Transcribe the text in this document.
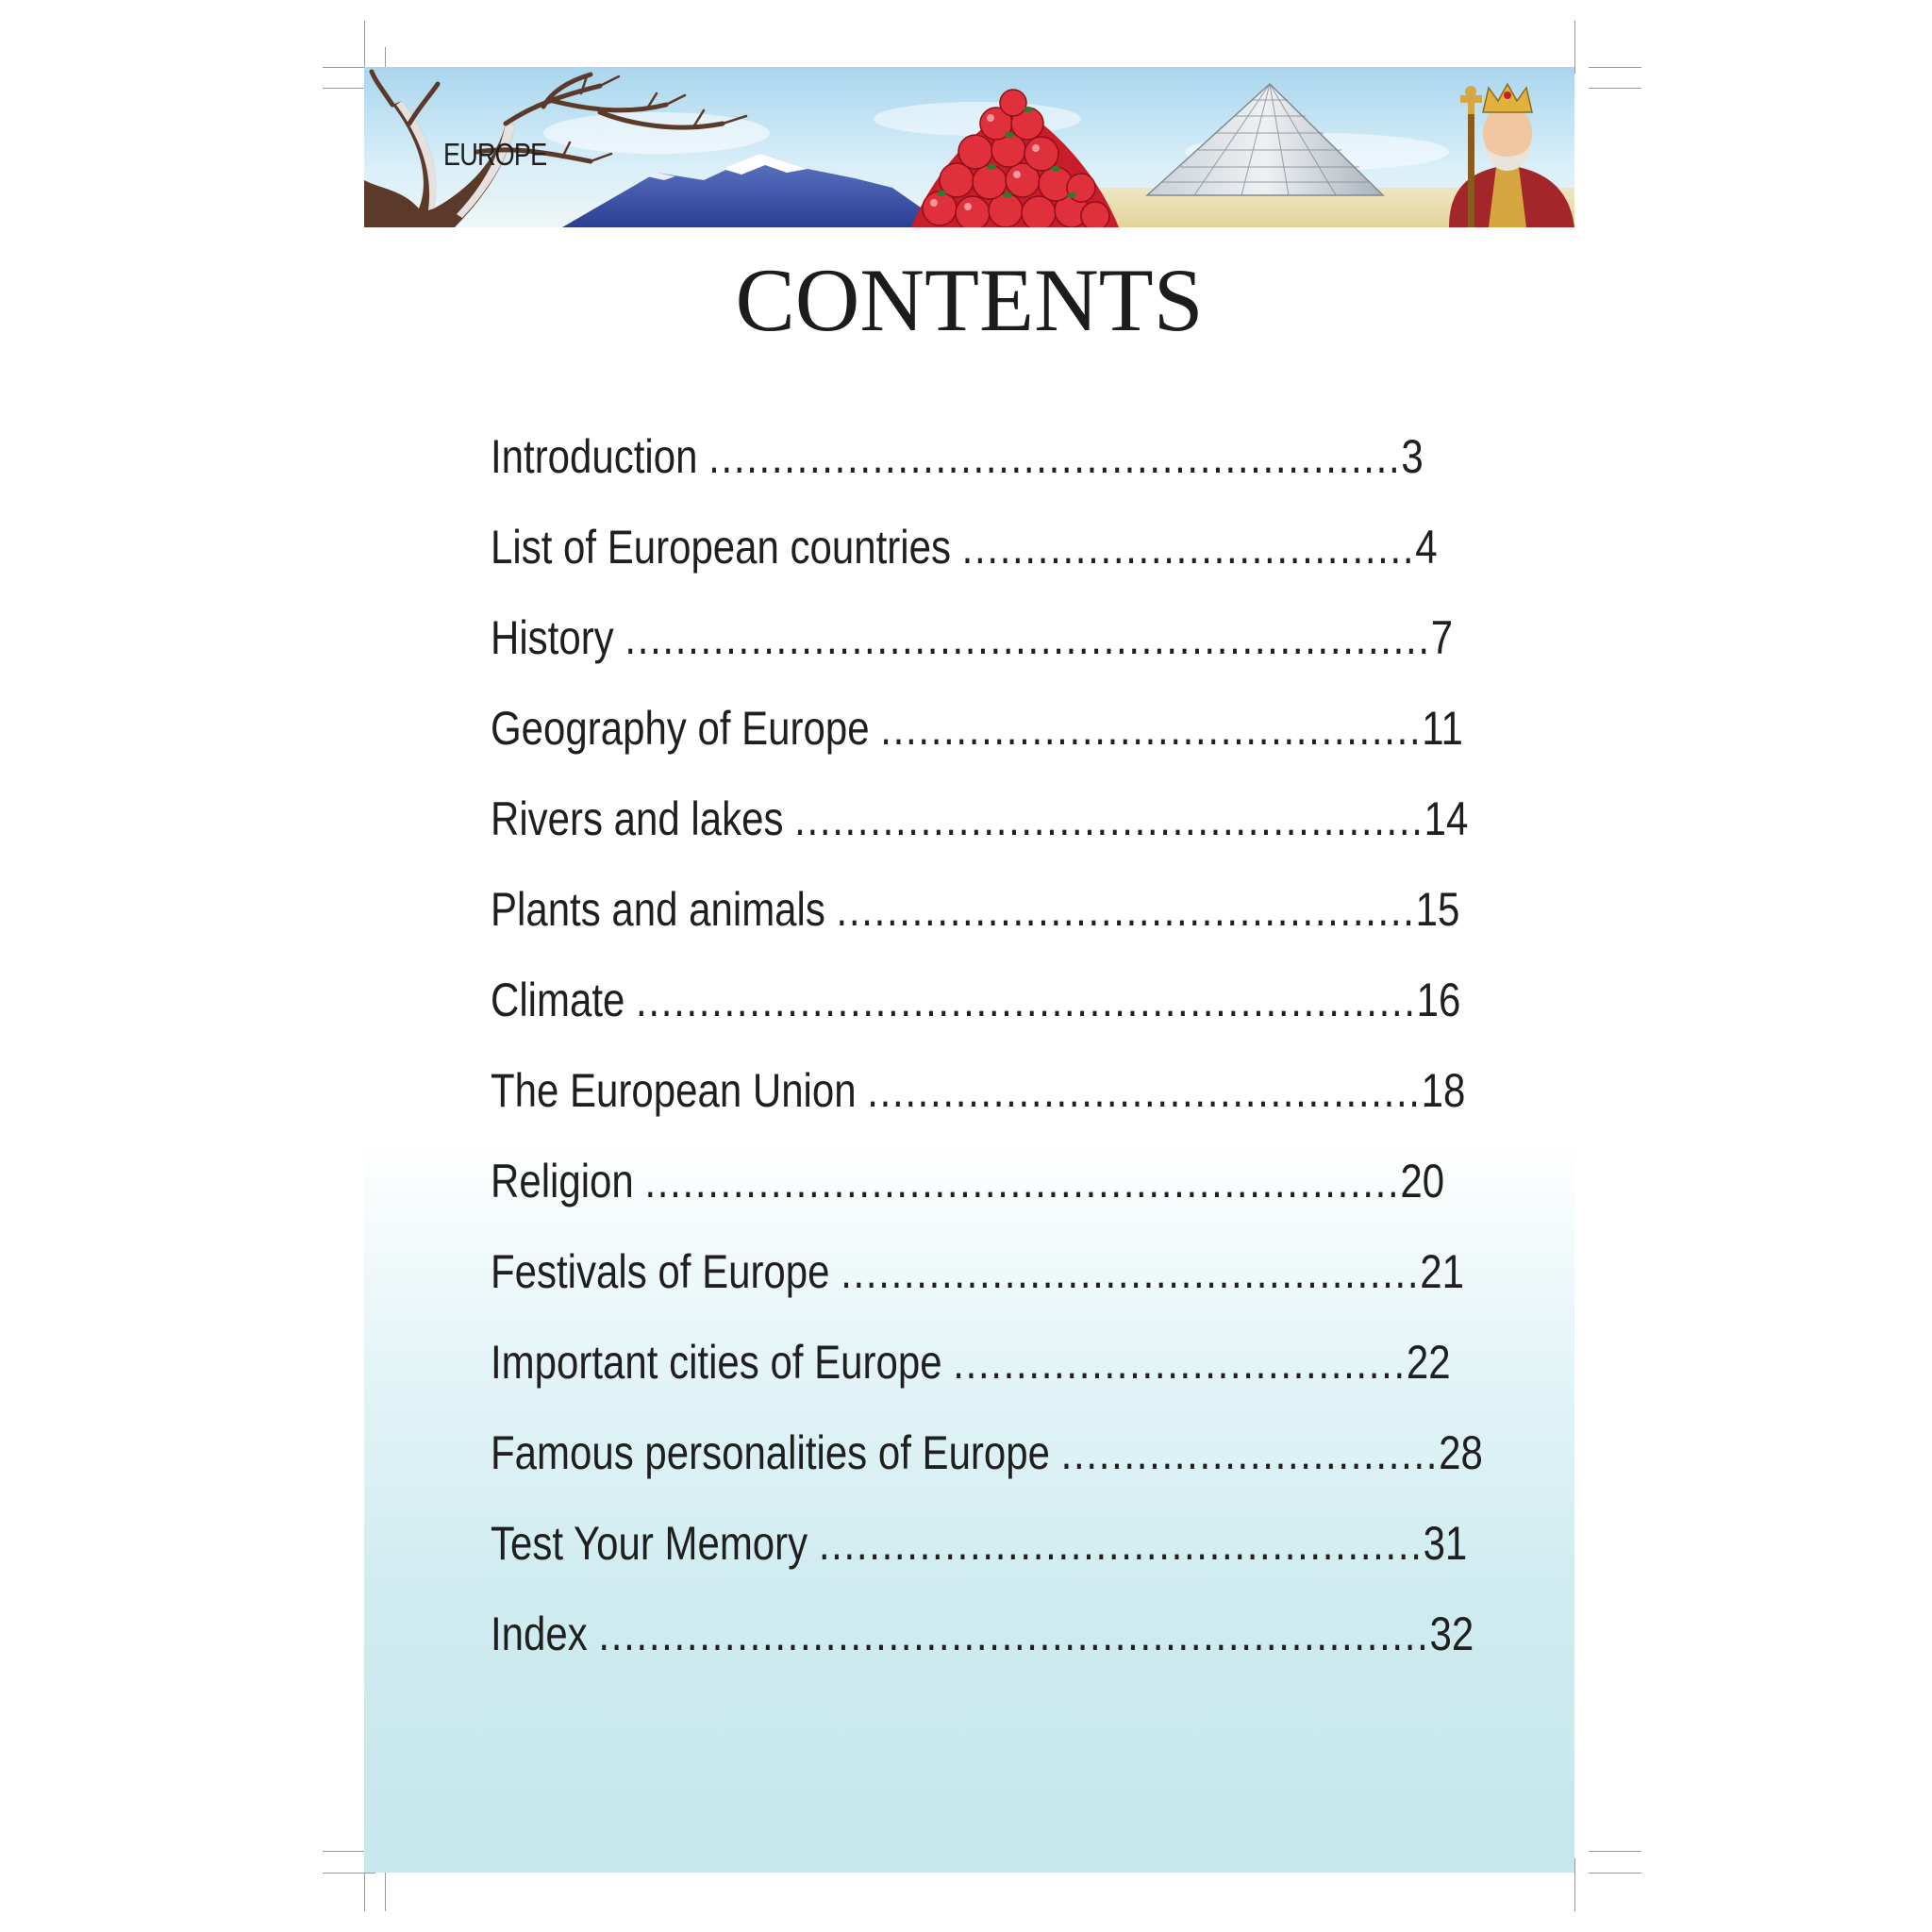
EUROPE
CONTENTS
Introduction .......................................................3
List of European countries ....................................4
History ................................................................7
Geography of Europe ...........................................11
Rivers and lakes ..................................................14
Plants and animals ..............................................15
Climate ..............................................................16
The European Union ............................................18
Religion ............................................................20
Festivals of Europe ..............................................21
Important cities of Europe ....................................22
Famous personalities of Europe ..............................28
Test Your Memory ................................................31
Index ..................................................................32
